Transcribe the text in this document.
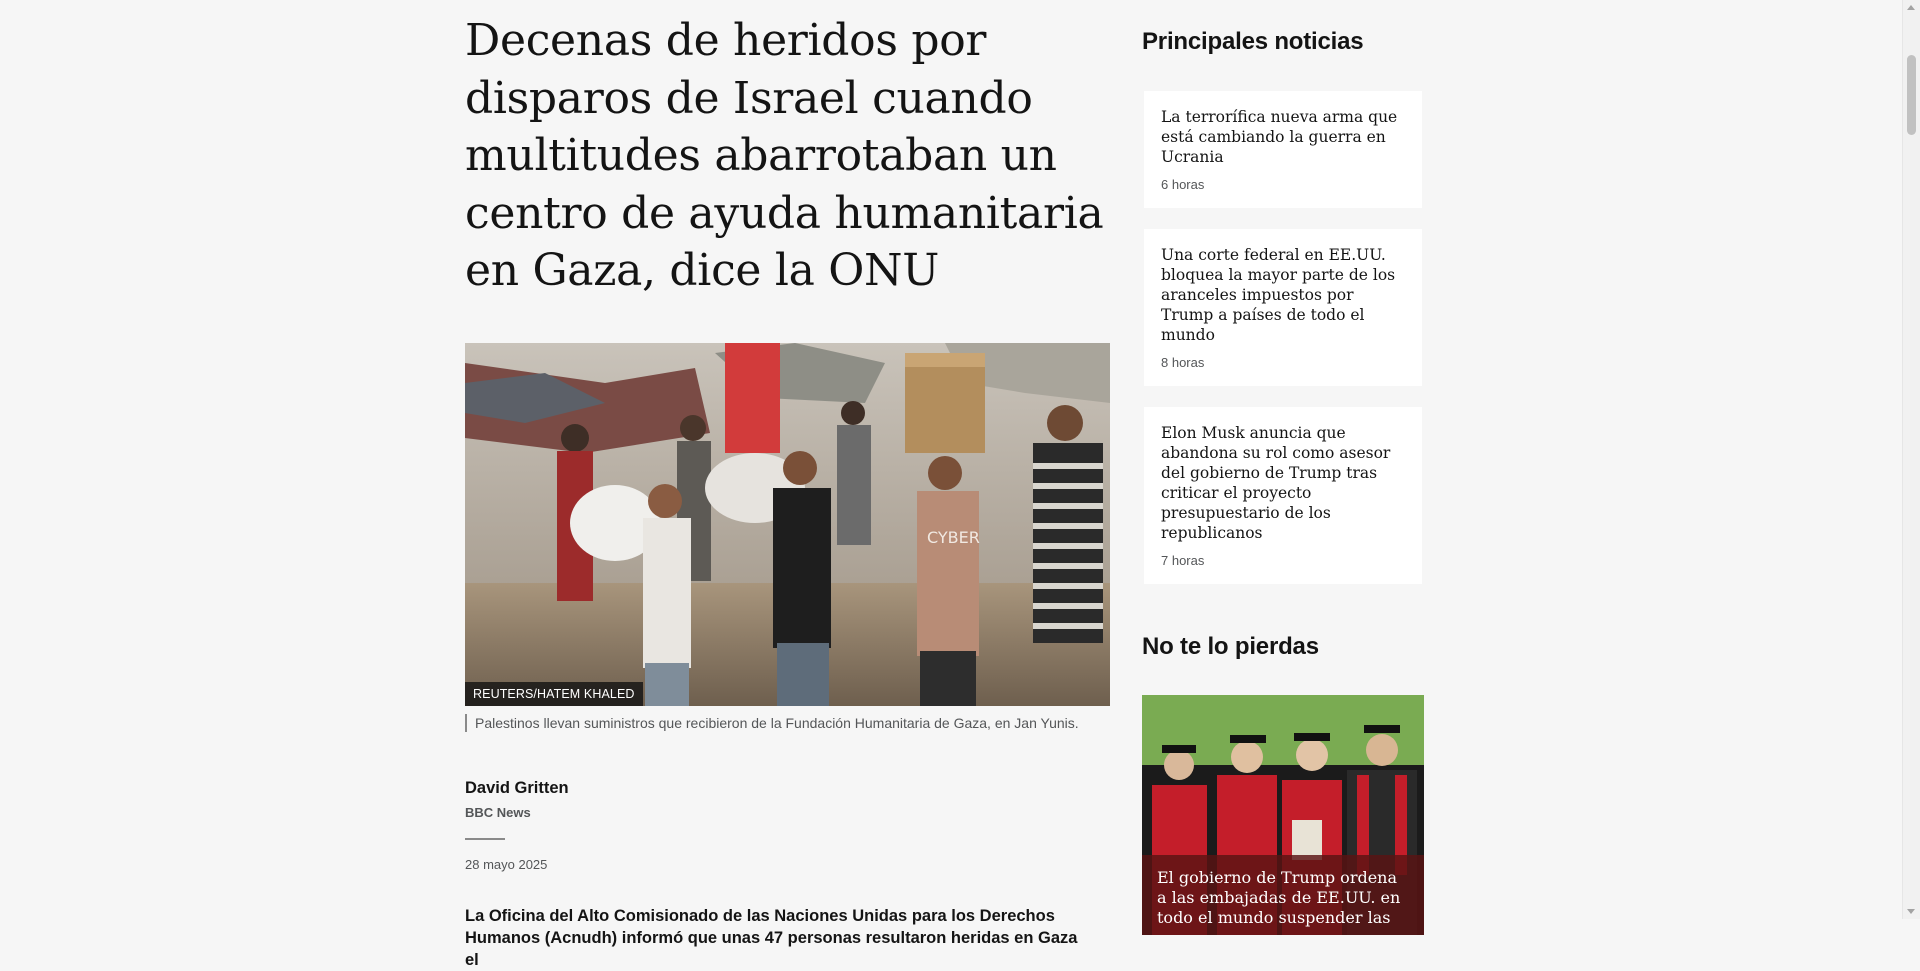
Decenas de heridos por disparos de Israel cuando multitudes abarrotaban un centro de ayuda humanitaria en Gaza, dice la ONU
CYBER
REUTERS/HATEM KHALED
Palestinos llevan suministros que recibieron de la Fundación Humanitaria de Gaza, en Jan Yunis.
David Gritten
BBC News
28 mayo 2025

La Oficina del Alto Comisionado de las Naciones Unidas para los Derechos Humanos (Acnudh) informó que unas 47 personas resultaron heridas en Gaza el

Principales noticias

La terrorífica nueva arma que está cambiando la guerra en Ucrania

6 horas

Una corte federal en EE.UU. bloquea la mayor parte de los aranceles impuestos por Trump a países de todo el mundo

8 horas

Elon Musk anuncia que abandona su rol como asesor del gobierno de Trump tras criticar el proyecto presupuestario de los republicanos

7 horas
No te lo pierdas
El gobierno de Trump ordena a las embajadas de EE.UU. en todo el mundo suspender las
